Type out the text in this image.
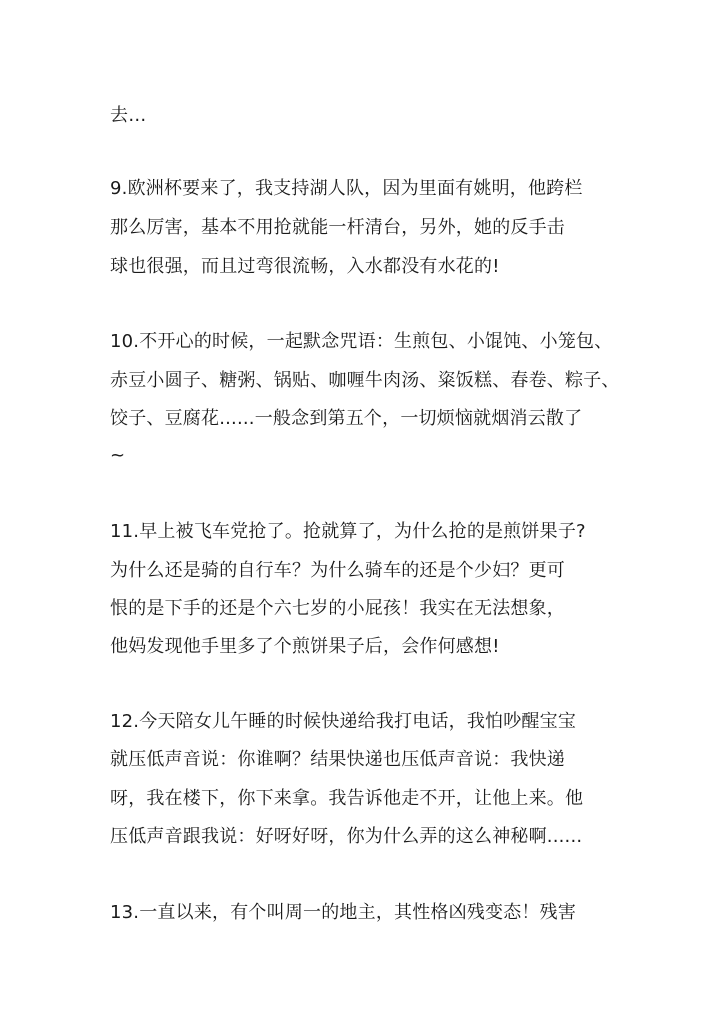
去…
9.欧洲杯要来了，我支持湖人队，因为里面有姚明，他跨栏
那么厉害，基本不用抢就能一杆清台，另外，她的反手击
球也很强，而且过弯很流畅，入水都没有水花的!
10.不开心的时候，一起默念咒语：生煎包、小馄饨、小笼包、
赤豆小圆子、糖粥、锅贴、咖喱牛肉汤、粢饭糕、春卷、粽子、
饺子、豆腐花......一般念到第五个，一切烦恼就烟消云散了
~
11.早上被飞车党抢了。抢就算了，为什么抢的是煎饼果子?
为什么还是骑的自行车？为什么骑车的还是个少妇？更可
恨的是下手的还是个六七岁的小屁孩！我实在无法想象，
他妈发现他手里多了个煎饼果子后，会作何感想!
12.今天陪女儿午睡的时候快递给我打电话，我怕吵醒宝宝
就压低声音说：你谁啊？结果快递也压低声音说：我快递
呀，我在楼下，你下来拿。我告诉他走不开，让他上来。他
压低声音跟我说：好呀好呀，你为什么弄的这么神秘啊......
13.一直以来，有个叫周一的地主，其性格凶残变态！残害
